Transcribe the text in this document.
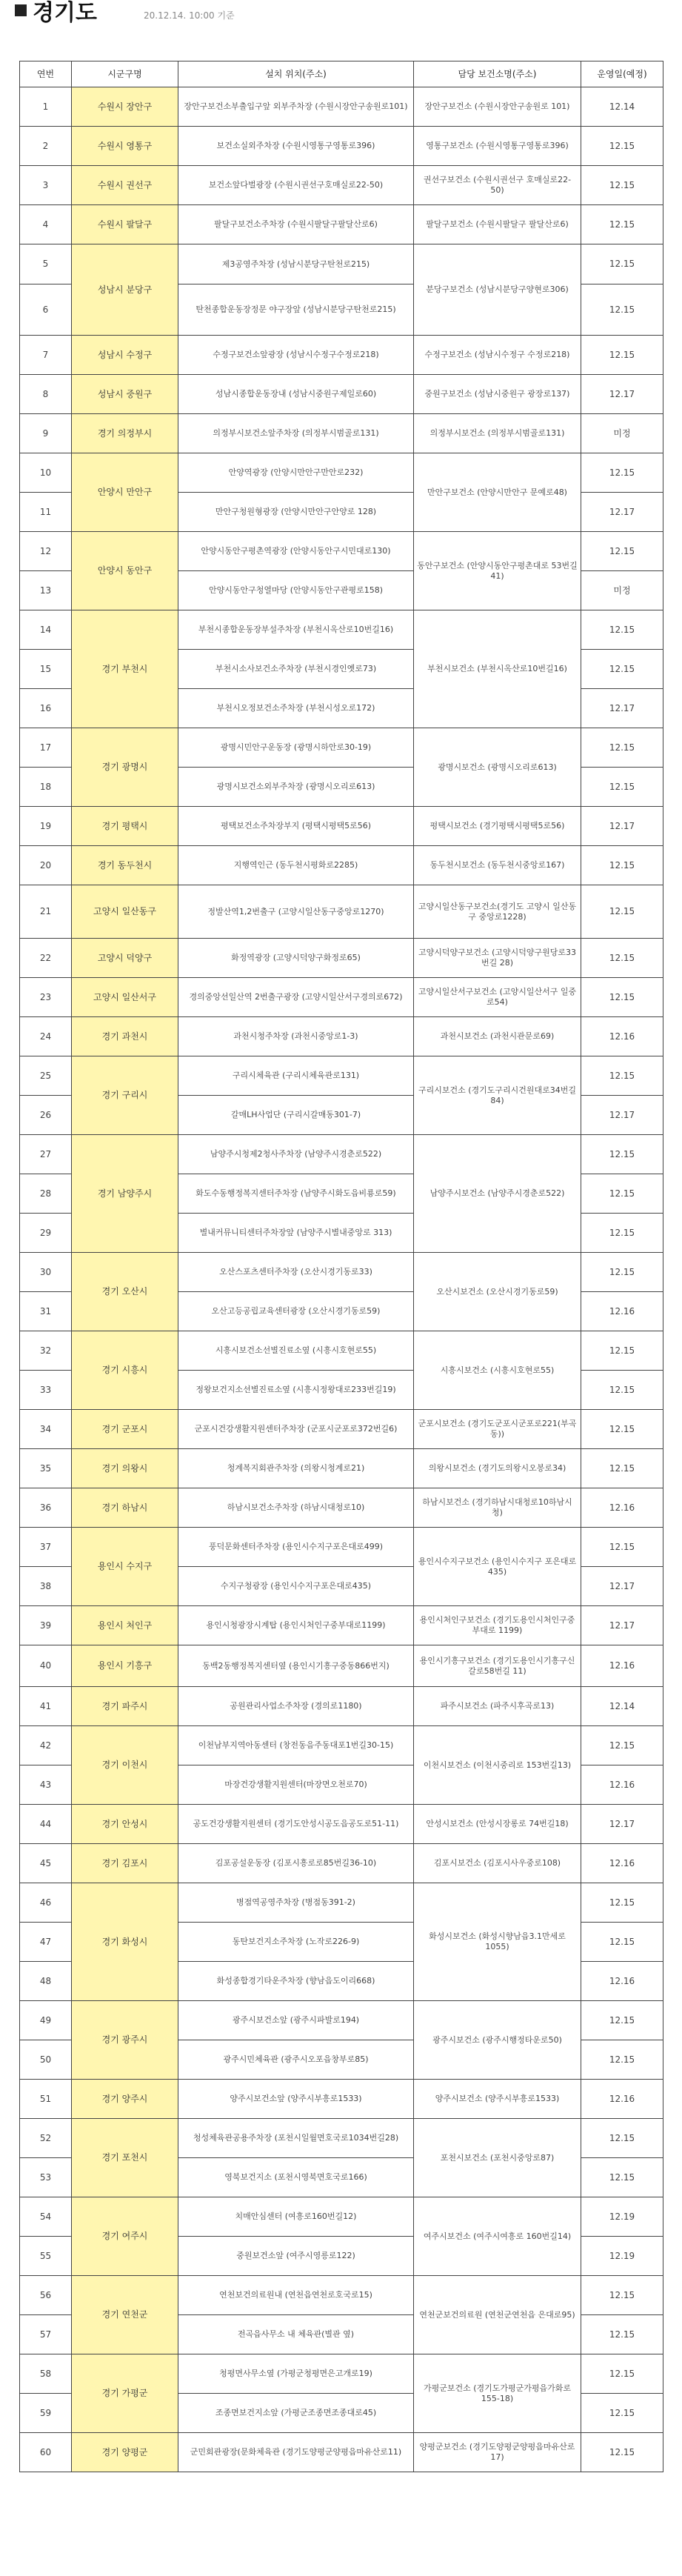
경기도	20.12.14. 10:00 기준
연번	시군구명	설치 위치(주소)	담당 보건소명(주소)	운영일(예정)
1	수원시 장안구	장안구보건소부출입구앞 외부주차장 (수원시장안구송원로101)	장안구보건소 (수원시장안구송원로 101)	12.14
2	수원시 영통구	보건소실외주차장 (수원시영통구영통로396)	영통구보건소 (수원시영통구영통로396)	12.15
3	수원시 권선구	보건소앞다벌광장 (수원시권선구호매실로22-50)	권선구보건소 (수원시권선구 호매실로22-50)	12.15
4	수원시 팔달구	팔달구보건소주차장 (수원시팔달구팔달산로6)	팔달구보건소 (수원시팔달구 팔달산로6)	12.15
5	성남시 분당구	제3공영주차장 (성남시분당구탄천로215)	분당구보건소 (성남시분당구양현로306)	12.15
6		탄천종합운동장정문 야구장앞 (성남시분당구탄천로215)		12.15
7	성남시 수정구	수정구보건소앞광장 (성남시수정구수정로218)	수정구보건소 (성남시수정구 수정로218)	12.15
8	성남시 중원구	성남시종합운동장내 (성남시중원구제일로60)	중원구보건소 (성남시중원구 광장로137)	12.17
9	경기 의정부시	의정부시보건소앞주차장 (의정부시범골로131)	의정부시보건소 (의정부시범골로131)	미정
10	안양시 만안구	안양역광장 (안양시만안구만안로232)	만안구보건소 (안양시만안구 문예로48)	12.15
11		만안구청원형광장 (안양시만안구안양로 128)		12.17
12	안양시 동안구	안양시동안구평촌역광장 (안양시동안구시민대로130)	동안구보건소 (안양시동안구평촌대로 53번길41)	12.15
13		안양시동안구청열마당 (안양시동안구관평로158)		미정
14	경기 부천시	부천시종합운동장부설주차장 (부천시옥산로10번길16)	부천시보건소 (부천시옥산로10번길16)	12.15
15		부천시소사보건소주차장 (부천시경인옛로73)		12.15
16		부천시오정보건소주차장 (부천시성오로172)		12.17
17	경기 광명시	광명시민안구운동장 (광명시하안로30-19)	광명시보건소 (광명시오리로613)	12.15
18		광명시보건소외부주차장 (광명시오리로613)		12.15
19	경기 평택시	평택보건소주차장부지 (평택시평택5로56)	평택시보건소 (경기평택시평택5로56)	12.17
20	경기 동두천시	지행역인근 (동두천시평화로2285)	동두천시보건소 (동두천시중앙로167)	12.15
21	고양시 일산동구	정발산역1,2번출구 (고양시일산동구중앙로1270)	고양시일산동구보건소(경기도 고양시 일산동구 중앙로1228)	12.15
22	고양시 덕양구	화정역광장 (고양시덕양구화정로65)	고양시덕양구보건소 (고양시덕양구원당로33번길 28)	12.15
23	고양시 일산서구	경의중앙선일산역 2번출구광장 (고양시일산서구경의로672)	고양시일산서구보건소 (고양시일산서구 일중로54)	12.15
24	경기 과천시	과천시청주차장 (과천시중앙로1-3)	과천시보건소 (과천시관문로69)	12.16
25	경기 구리시	구리시체육관 (구리시체육관로131)	구리시보건소 (경기도구리시건원대로34번길 84)	12.15
26		갈매LH사업단 (구리시갈매동301-7)		12.17
27	경기 남양주시	남양주시청제2청사주차장 (남양주시경춘로522)	남양주시보건소 (남양주시경춘로522)	12.15
28		화도수동행정복지센터주차장 (남양주시화도읍비룡로59)		12.15
29		별내커뮤니티센터주차장앞 (남양주시별내중앙로 313)		12.15
30	경기 오산시	오산스포츠센터주차장 (오산시경기동로33)	오산시보건소 (오산시경기동로59)	12.15
31		오산고등공립교육센터광장 (오산시경기동로59)		12.16
32	경기 시흥시	시흥시보건소선별진료소옆 (시흥시호현로55)	시흥시보건소 (시흥시호현로55)	12.15
33		정왕보건지소선별진료소옆 (시흥시정왕대로233번길19)		12.15
34	경기 군포시	군포시건강생활지원센터주차장 (군포시군포로372번길6)	군포시보건소 (경기도군포시군포로221(부곡동))	12.15
35	경기 의왕시	청계복지회관주차장 (의왕시청계로21)	의왕시보건소 (경기도의왕시오봉로34)	12.15
36	경기 하남시	하남시보건소주차장 (하남시대청로10)	하남시보건소 (경기하남시대청로10하남시청)	12.16
37	용인시 수지구	풍덕문화센터주차장 (용인시수지구포은대로499)	용인시수지구보건소 (용인시수지구 포은대로435)	12.15
38		수지구청광장 (용인시수지구포은대로435)		12.17
39	용인시 처인구	용인시청광장시계탑 (용인시처인구중부대로1199)	용인시처인구보건소 (경기도용인시처인구중부대로 1199)	12.17
40	용인시 기흥구	동백2동행정복지센터옆 (용인시기흥구중동866번지)	용인시기흥구보건소 (경기도용인시기흥구신갈로58번길 11)	12.16
41	경기 파주시	공원관리사업소주차장 (경의로1180)	파주시보건소 (파주시후곡로13)	12.14
42	경기 이천시	이천남부지역아동센터 (창전동음주동대포1번길30-15)	이천시보건소 (이천시중리로 153번길13)	12.15
43		마장건강생활지원센터(마장면오천로70)		12.16
44	경기 안성시	공도건강생활지원센터 (경기도안성시공도읍공도로51-11)	안성시보건소 (안성시장롱로 74번길18)	12.17
45	경기 김포시	김포공설운동장 (김포시흥로로85번길36-10)	김포시보건소 (김포시사우중로108)	12.16
46	경기 화성시	병점역공영주차장 (병점동391-2)	화성시보건소 (화성시향남읍3.1만세로 1055)	12.15
47		동탄보건지소주차장 (노작로226-9)		12.15
48		화성종합경기타운주차장 (향남읍도이리668)		12.16
49	경기 광주시	광주시보건소앞 (광주시파발로194)	광주시보건소 (광주시행정타운로50)	12.15
50		광주시민체육관 (광주시오포읍창부로85)		12.15
51	경기 양주시	양주시보건소앞 (양주시부흥로1533)	양주시보건소 (양주시부흥로1533)	12.16
52	경기 포천시	청성체육관공용주차장 (포천시일월면호국로1034번길28)	포천시보건소 (포천시중앙로87)	12.15
53		영북보건지소 (포천시영북면호국로166)		12.15
54	경기 여주시	치매안심센터 (여흥로160번길12)	여주시보건소 (여주시여흥로 160번길14)	12.19
55		중원보건소앞 (여주시영릉로122)		12.19
56	경기 연천군	연천보건의료원내 (연천읍연천로호국로15)	연천군보건의료원 (연천군연천읍 은대로95)	12.15
57		전곡읍사무소 내 체육관(별관 옆)		12.15
58	경기 가평군	청평면사무소옆 (가평군청평면은고개로19)	가평군보건소 (경기도가평군가평읍가화로 155-18)	12.15
59		조종면보건지소앞 (가평군조종면조종대로45)		12.15
60	경기 양평군	군민회관광장(문화체육관 (경기도양평군양평읍마유산로11)	양평군보건소 (경기도양평군양평읍마유산로17)	12.15
